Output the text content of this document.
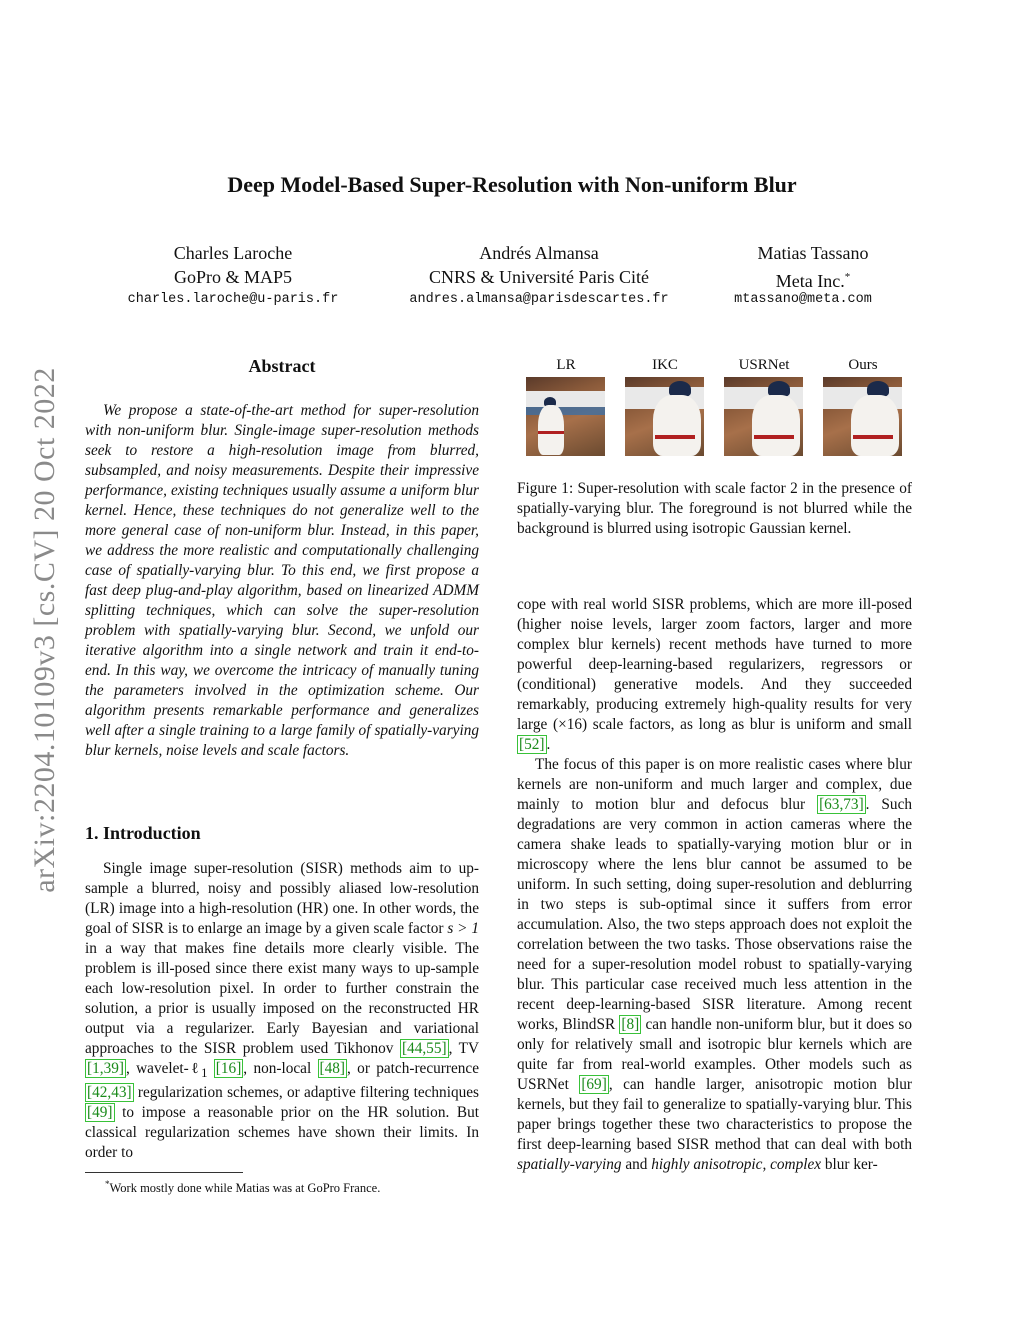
arXiv:2204.10109v3 [cs.CV] 20 Oct 2022
Deep Model-Based Super-Resolution with Non-uniform Blur
Charles Laroche
GoPro & MAP5
charles.laroche@u-paris.fr
Andrés Almansa
CNRS & Université Paris Cité
andres.almansa@parisdescartes.fr
Matias Tassano
Meta Inc.*
mtassano@meta.com
Abstract

We propose a state-of-the-art method for super-resolution with non-uniform blur. Single-image super-resolution methods seek to restore a high-resolution image from blurred, subsampled, and noisy measurements. Despite their impressive performance, existing techniques usually assume a uniform blur kernel. Hence, these techniques do not generalize well to the more general case of non-uniform blur. Instead, in this paper, we address the more realistic and computationally challenging case of spatially-varying blur. To this end, we first propose a fast deep plug-and-play algorithm, based on linearized ADMM splitting techniques, which can solve the super-resolution problem with spatially-varying blur. Second, we unfold our iterative algorithm into a single network and train it end-to-end. In this way, we overcome the intricacy of manually tuning the parameters involved in the optimization scheme. Our algorithm presents remarkable performance and generalizes well after a single training to a large family of spatially-varying blur kernels, noise levels and scale factors.

1. Introduction

Single image super-resolution (SISR) methods aim to up-sample a blurred, noisy and possibly aliased low-resolution (LR) image into a high-resolution (HR) one. In other words, the goal of SISR is to enlarge an image by a given scale factor s > 1 in a way that makes fine details more clearly visible. The problem is ill-posed since there exist many ways to up-sample each low-resolution pixel. In order to further constrain the solution, a prior is usually imposed on the reconstructed HR output via a regularizer. Early Bayesian and variational approaches to the SISR problem used Tikhonov [44,55] , TV [1,39] , wavelet-ℓ$_1$ [16] , non-local [48] , or patch-recurrence [42,43] regularization schemes, or adaptive filtering techniques [49] to impose a reasonable prior on the HR solution. But classical regularization schemes have shown their limits. In order to

*Work mostly done while Matias was at GoPro France.
LR	IKC	USRNet	Ours

Figure 1: Super-resolution with scale factor 2 in the presence of spatially-varying blur. The foreground is not blurred while the background is blurred using isotropic Gaussian kernel.

cope with real world SISR problems, which are more ill-posed (higher noise levels, larger zoom factors, larger and more complex blur kernels) recent methods have turned to more powerful deep-learning-based regularizers, regressors or (conditional) generative models. And they succeeded remarkably, producing extremely high-quality results for very large (×16) scale factors, as long as blur is uniform and small [52] .

The focus of this paper is on more realistic cases where blur kernels are non-uniform and much larger and complex, due mainly to motion blur and defocus blur [63,73] . Such degradations are very common in action cameras where the camera shake leads to spatially-varying motion blur or in microscopy where the lens blur cannot be assumed to be uniform. In such setting, doing super-resolution and deblurring in two steps is sub-optimal since it suffers from error accumulation. Also, the two steps approach does not exploit the correlation between the two tasks. Those observations raise the need for a super-resolution model robust to spatially-varying blur. This particular case received much less attention in the recent deep-learning-based SISR literature. Among recent works, BlindSR [8] can handle non-uniform blur, but it does so only for relatively small and isotropic blur kernels which are quite far from real-world examples. Other models such as USRNet [69] , can handle larger, anisotropic motion blur kernels, but they fail to generalize to spatially-varying blur. This paper brings together these two characteristics to propose the first deep-learning based SISR method that can deal with both spatially-varying and highly anisotropic, complex blur ker-
